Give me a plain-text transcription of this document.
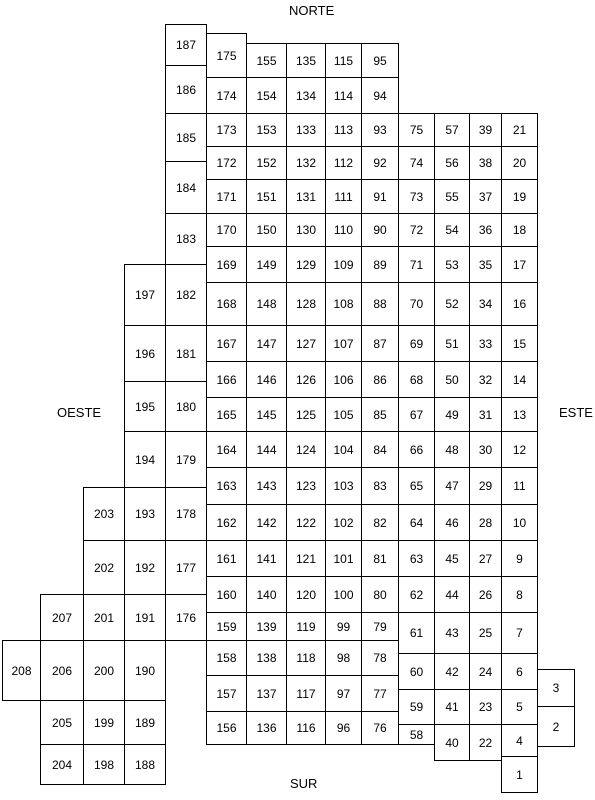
NORTE
SUR
OESTE	ESTE
1
2
3
4
5
6
7
8
9
10
11
12
13
14
15
16
17
18
19
20
21
22
23
24
25
26
27
28
29
30
31
32
33
34
35
36
37
38
39
40
41
42
43
44
45
46
47
48
49
50
51
52
53
54
55
56
57
58
59
60
61
62
63
64
65
66
67
68
69
70
71
72
73
74
75
76
77
78
79
80
81
82
83
84
85
86
87
88
89
90
91
92
93
94
95
96
97
98
99
100
101
102
103
104
105
106
107
108
109
110
111
112
113
114
115
116
117
118
119
120
121
122
123
124
125
126
127
128
129
130
131
132
133
134
135
136
137
138
139
140
141
142
143
144
145
146
147
148
149
150
151
152
153
154
155
156
157
158
159
160
161
162
163
164
165
166
167
168
169
170
171
172
173
174
175
176
177
178
179
180
181
182
183
184
185
186
187
188
189
190
191
192
193
194
195
196
197
198
199
200
201
202
203
204
205
206
207
208
